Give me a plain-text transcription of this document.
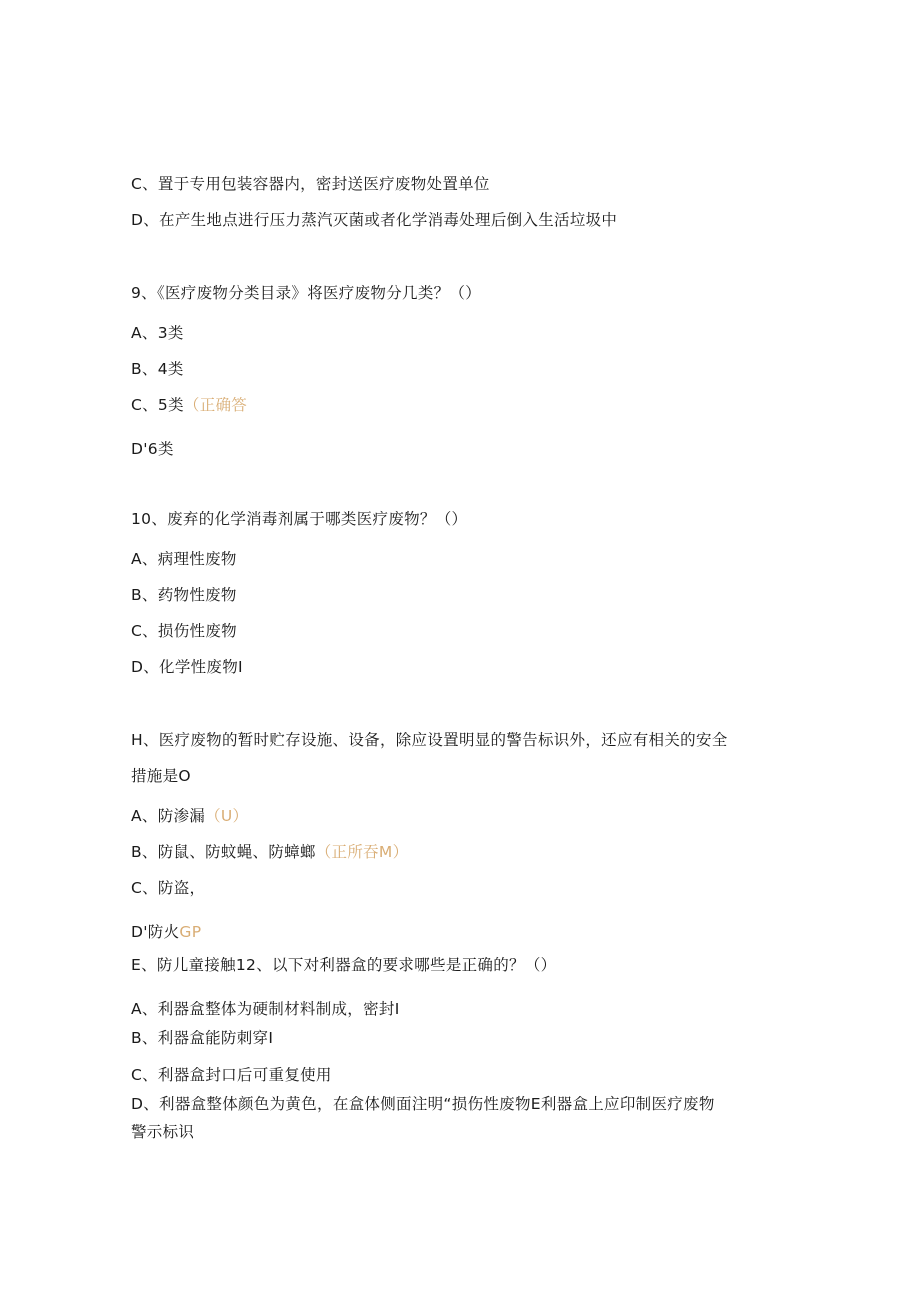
C、置于专用包装容器内，密封送医疗废物处置单位
D、在产生地点进行压力蒸汽灭菌或者化学消毒处理后倒入生活垃圾中
9、《医疗废物分类目录》将医疗废物分几类？（）
A、3类
B、4类
C、5类（正确答
D'6类
10、废弃的化学消毒剂属于哪类医疗废物？（）
A、病理性废物
B、药物性废物
C、损伤性废物
D、化学性废物I
H、医疗废物的暂时贮存设施、设备，除应设置明显的警告标识外，还应有相关的安全
措施是O
A、防渗漏（U）
B、防鼠、防蚊蝇、防蟑螂（正所吞M）
C、防盗，
D'防火GP
E、防儿童接触12、以下对利器盒的要求哪些是正确的？（）
A、利器盒整体为硬制材料制成，密封I
B、利器盒能防刺穿I
C、利器盒封口后可重复使用
D、利器盒整体颜色为黄色，在盒体侧面注明“损伤性废物E利器盒上应印制医疗废物
警示标识
